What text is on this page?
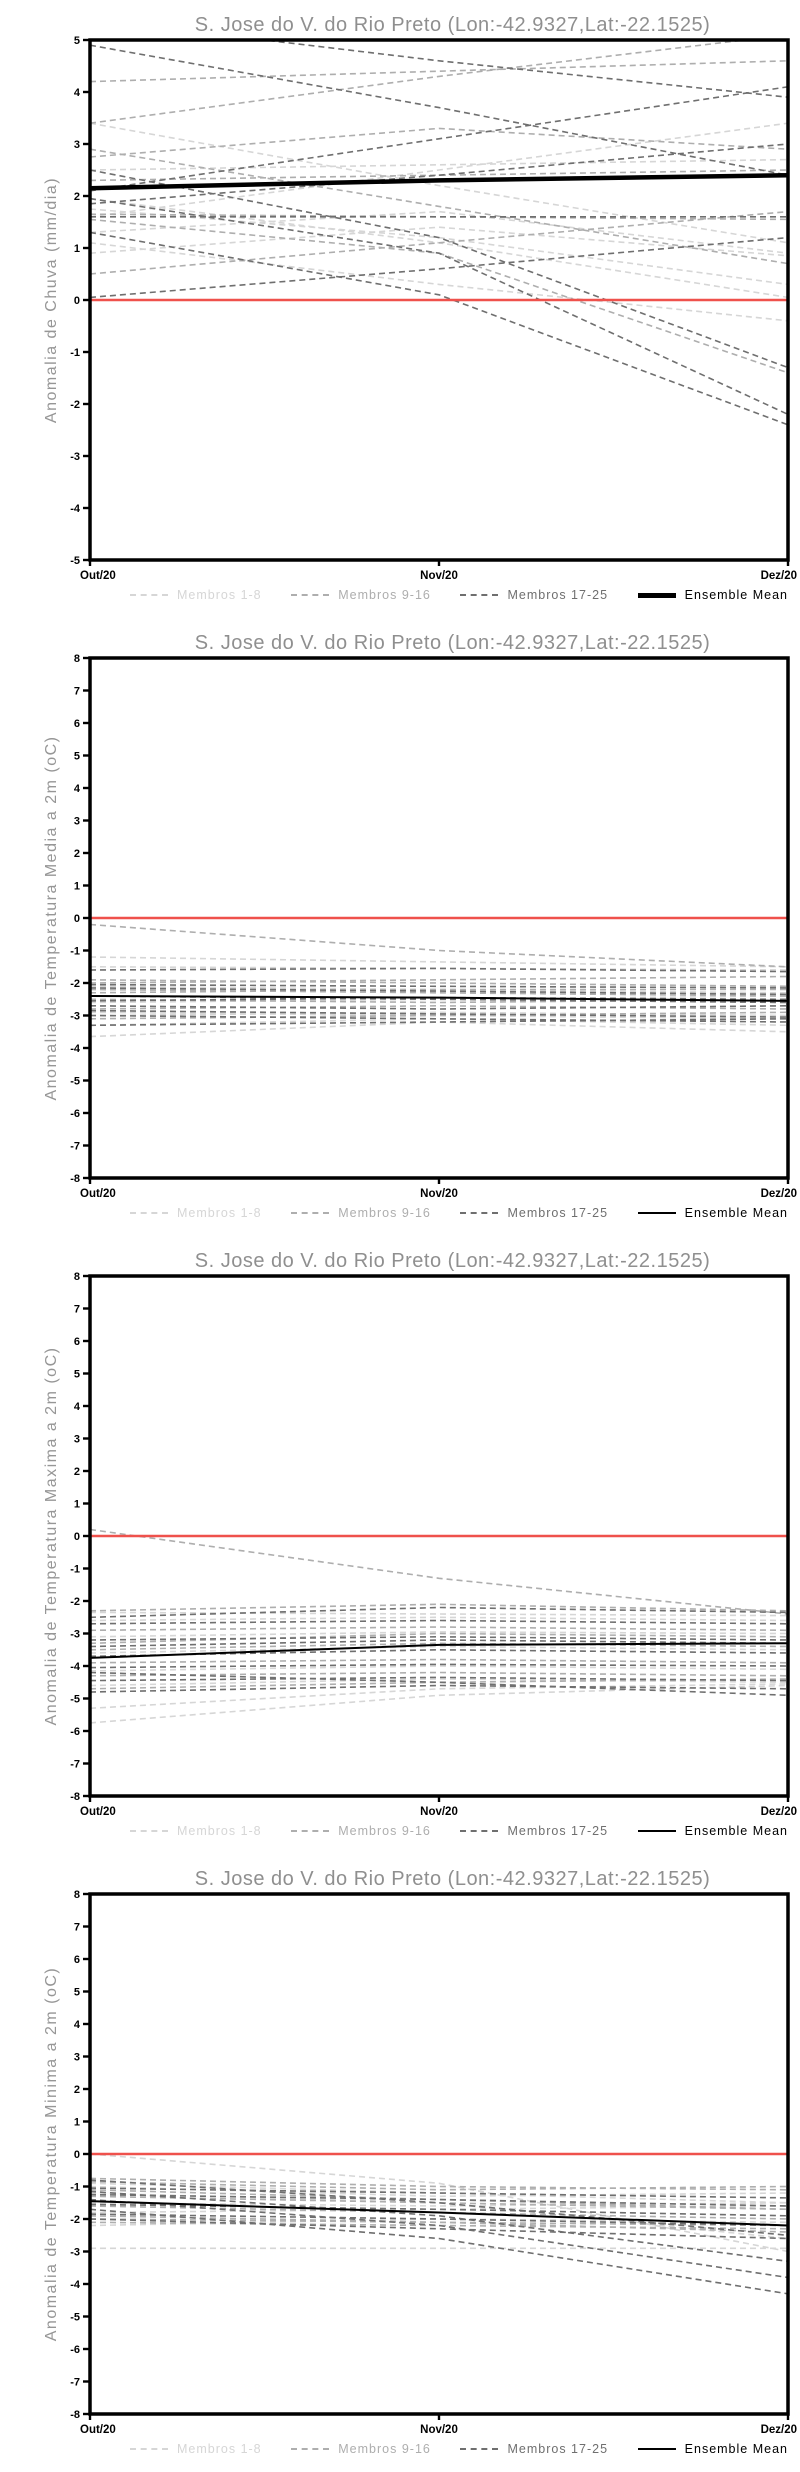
S. Jose do V. do Rio Preto (Lon:-42.9327,Lat:-22.1525)
Anomalia de Chuva (mm/dia)
-5
-4
-3
-2
-1
0
1
2
3
4
5
Out/20	Nov/20	Dez/20
Membros 1-8	Membros 9-16	Membros 17-25	Ensemble Mean
S. Jose do V. do Rio Preto (Lon:-42.9327,Lat:-22.1525)
Anomalia de Temperatura Media a 2m (oC)
-8
-7
-6
-5
-4
-3
-2
-1
0
1
2
3
4
5
6
7
8
Out/20	Nov/20	Dez/20
Membros 1-8	Membros 9-16	Membros 17-25	Ensemble Mean
S. Jose do V. do Rio Preto (Lon:-42.9327,Lat:-22.1525)
Anomalia de Temperatura Maxima a 2m (oC)
-8
-7
-6
-5
-4
-3
-2
-1
0
1
2
3
4
5
6
7
8
Out/20	Nov/20	Dez/20
Membros 1-8	Membros 9-16	Membros 17-25	Ensemble Mean
S. Jose do V. do Rio Preto (Lon:-42.9327,Lat:-22.1525)
Anomalia de Temperatura Minima a 2m (oC)
-8
-7
-6
-5
-4
-3
-2
-1
0
1
2
3
4
5
6
7
8
Out/20	Nov/20	Dez/20
Membros 1-8	Membros 9-16	Membros 17-25	Ensemble Mean
